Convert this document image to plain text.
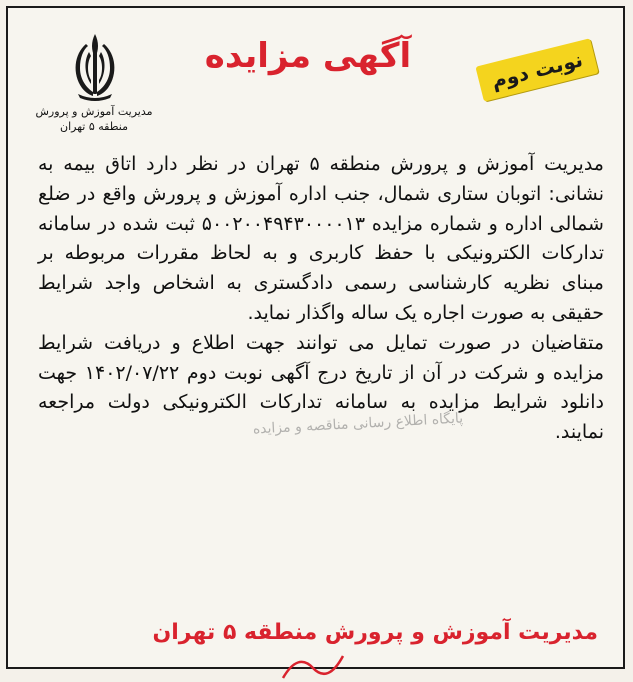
مدیریت آموزش و پرورش
منطقه ۵ تهران
آگهی مزایده	نوبت دوم
پایگاه اطلاع رسانی مناقصه و مزایده

مدیریت آموزش و پرورش منطقه ۵ تهران در نظر دارد اتاق بیمه به نشانی: اتوبان ستاری شمال، جنب اداره آموزش و پرورش واقع در ضلع شمالی اداره و شماره مزایده ۵۰۰۲۰۰۴۹۴۳۰۰۰۰۱۳ ثبت شده در سامانه تدارکات الکترونیکی با حفظ کاربری و به لحاظ مقررات مربوطه بر مبنای نظریه کارشناسی رسمی دادگستری به اشخاص واجد شرایط حقیقی به صورت اجاره یک ساله واگذار نماید.

متقاضیان در صورت تمایل می توانند جهت اطلاع و دریافت شرایط مزایده و شرکت در آن از تاریخ درج آگهی نوبت دوم ۱۴۰۲/۰۷/۲۲ جهت دانلود شرایط مزایده به سامانه تدارکات الکترونیکی دولت مراجعه نمایند.

مدیریت آموزش و پرورش منطقه ۵ تهران
